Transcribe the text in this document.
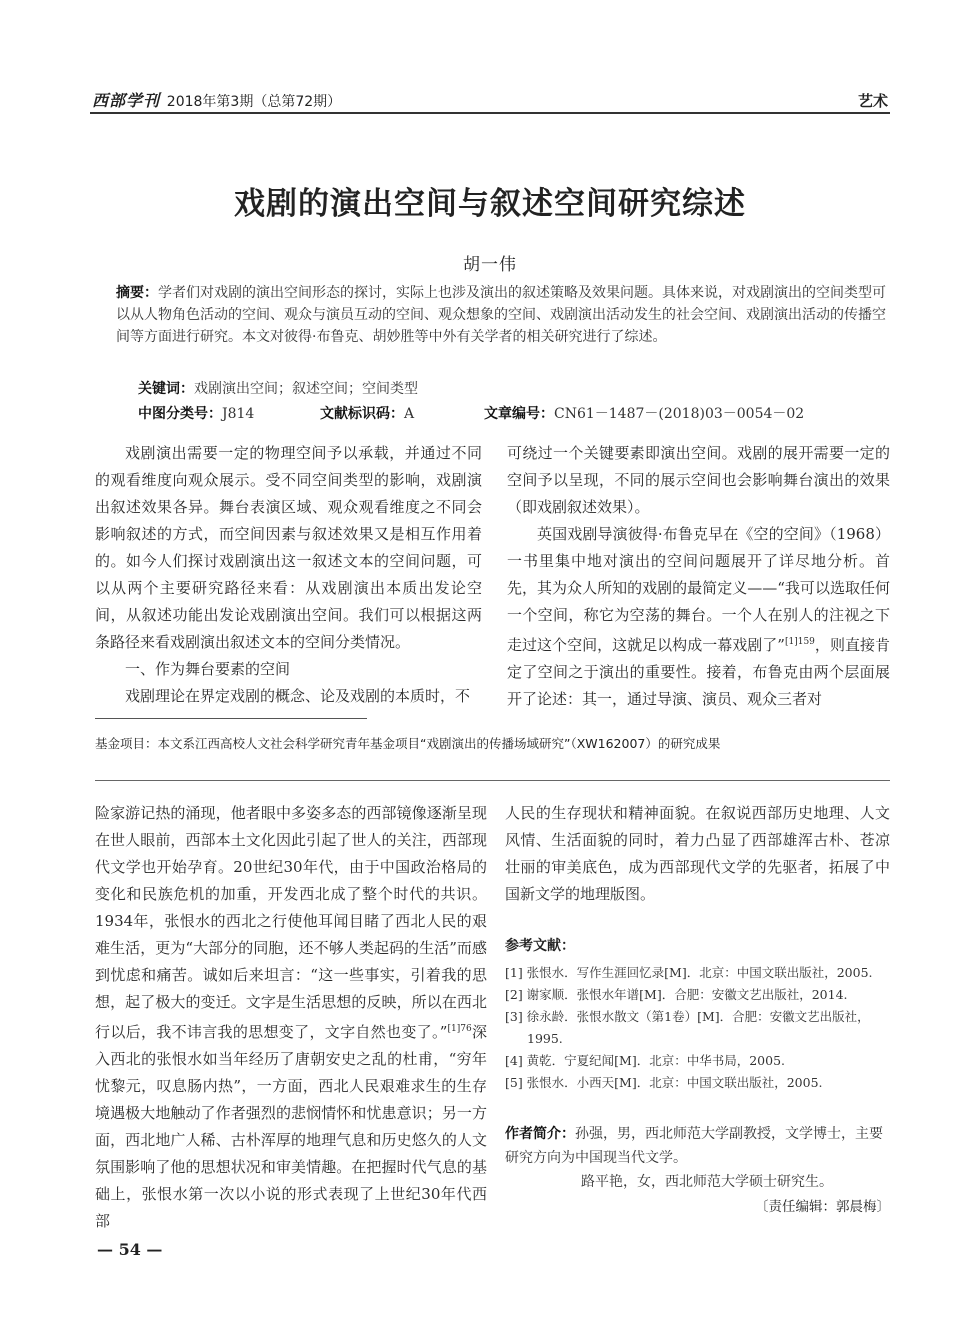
西部学刊 2018年第3期（总第72期）	艺术
戏剧的演出空间与叙述空间研究综述
胡一伟
摘要：学者们对戏剧的演出空间形态的探讨，实际上也涉及演出的叙述策略及效果问题。具体来说，对戏剧演出的空间类型可以从人物角色活动的空间、观众与演员互动的空间、观众想象的空间、戏剧演出活动发生的社会空间、戏剧演出活动的传播空间等方面进行研究。本文对彼得·布鲁克、胡妙胜等中外有关学者的相关研究进行了综述。
关键词：戏剧演出空间；叙述空间；空间类型
中图分类号：J814	文献标识码：A	文章编号：CN61－1487－(2018)03－0054－02

戏剧演出需要一定的物理空间予以承载，并通过不同的观看维度向观众展示。受不同空间类型的影响，戏剧演出叙述效果各异。舞台表演区域、观众观看维度之不同会影响叙述的方式，而空间因素与叙述效果又是相互作用着的。如今人们探讨戏剧演出这一叙述文本的空间问题，可以从两个主要研究路径来看：从戏剧演出本质出发论空间，从叙述功能出发论戏剧演出空间。我们可以根据这两条路径来看戏剧演出叙述文本的空间分类情况。

一、作为舞台要素的空间

戏剧理论在界定戏剧的概念、论及戏剧的本质时，不

可绕过一个关键要素即演出空间。戏剧的展开需要一定的空间予以呈现，不同的展示空间也会影响舞台演出的效果（即戏剧叙述效果）。

英国戏剧导演彼得·布鲁克早在《空的空间》（1968）一书里集中地对演出的空间问题展开了详尽地分析。首先，其为众人所知的戏剧的最简定义——“我可以选取任何一个空间，称它为空荡的舞台。一个人在别人的注视之下走过这个空间，这就足以构成一幕戏剧了”$^{[1]159}$，则直接肯定了空间之于演出的重要性。接着，布鲁克由两个层面展开了论述：其一，通过导演、演员、观众三者对

基金项目：本文系江西高校人文社会科学研究青年基金项目“戏剧演出的传播场域研究”（XW162007）的研究成果

险家游记热的涌现，他者眼中多姿多态的西部镜像逐渐呈现在世人眼前，西部本土文化因此引起了世人的关注，西部现代文学也开始孕育。20世纪30年代，由于中国政治格局的变化和民族危机的加重，开发西北成了整个时代的共识。1934年，张恨水的西北之行使他耳闻目睹了西北人民的艰难生活，更为“大部分的同胞，还不够人类起码的生活”而感到忧虑和痛苦。诚如后来坦言：“这一些事实，引着我的思想，起了极大的变迁。文字是生活思想的反映，所以在西北行以后，我不讳言我的思想变了，文字自然也变了。”$^{[1]76}$深入西北的张恨水如当年经历了唐朝安史之乱的杜甫，“穷年忧黎元，叹息肠内热”，一方面，西北人民艰难求生的生存境遇极大地触动了作者强烈的悲悯情怀和忧患意识；另一方面，西北地广人稀、古朴浑厚的地理气息和历史悠久的人文氛围影响了他的思想状况和审美情趣。在把握时代气息的基础上，张恨水第一次以小说的形式表现了上世纪30年代西部

人民的生存现状和精神面貌。在叙说西部历史地理、人文风情、生活面貌的同时，着力凸显了西部雄浑古朴、苍凉壮丽的审美底色，成为西部现代文学的先驱者，拓展了中国新文学的地理版图。

参考文献：
[1] 张恨水．写作生涯回忆录[M]．北京：中国文联出版社，2005.
[2] 谢家顺．张恨水年谱[M]．合肥：安徽文艺出版社，2014.
[3] 徐永龄．张恨水散文（第1卷）[M]．合肥：安徽文艺出版社，1995.
[4] 黄乾．宁夏纪闻[M]．北京：中华书局，2005.
[5] 张恨水．小西天[M]．北京：中国文联出版社，2005.
作者简介：孙强，男，西北师范大学副教授，文学博士，主要研究方向为中国现当代文学。
路平艳，女，西北师范大学硕士研究生。
〔责任编辑：郭晨梅〕
— 54 —
